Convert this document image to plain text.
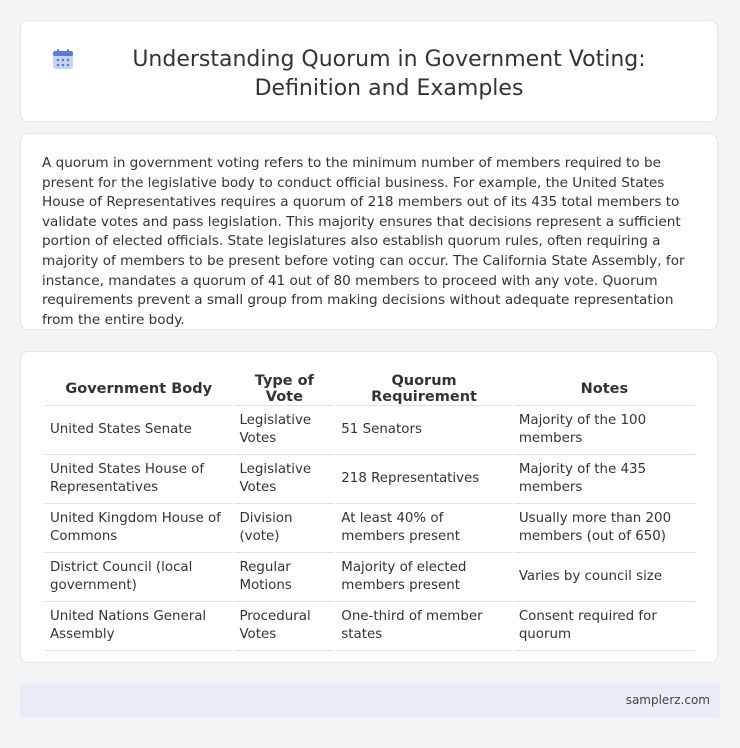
Understanding Quorum in Government Voting: Definition and Examples

A quorum in government voting refers to the minimum number of members required to be present for the legislative body to conduct official business. For example, the United States House of Representatives requires a quorum of 218 members out of its 435 total members to validate votes and pass legislation. This majority ensures that decisions represent a sufficient portion of elected officials. State legislatures also establish quorum rules, often requiring a majority of members to be present before voting can occur. The California State Assembly, for instance, mandates a quorum of 41 out of 80 members to proceed with any vote. Quorum requirements prevent a small group from making decisions without adequate representation from the entire body.

Government Body	Type of Vote	Quorum Requirement	Notes
United States Senate	Legislative Votes	51 Senators	Majority of the 100 members
United States House of Representatives	Legislative Votes	218 Representatives	Majority of the 435 members
United Kingdom House of Commons	Division (vote)	At least 40% of members present	Usually more than 200 members (out of 650)
District Council (local government)	Regular Motions	Majority of elected members present	Varies by council size
United Nations General Assembly	Procedural Votes	One-third of member states	Consent required for quorum
samplerz.com
